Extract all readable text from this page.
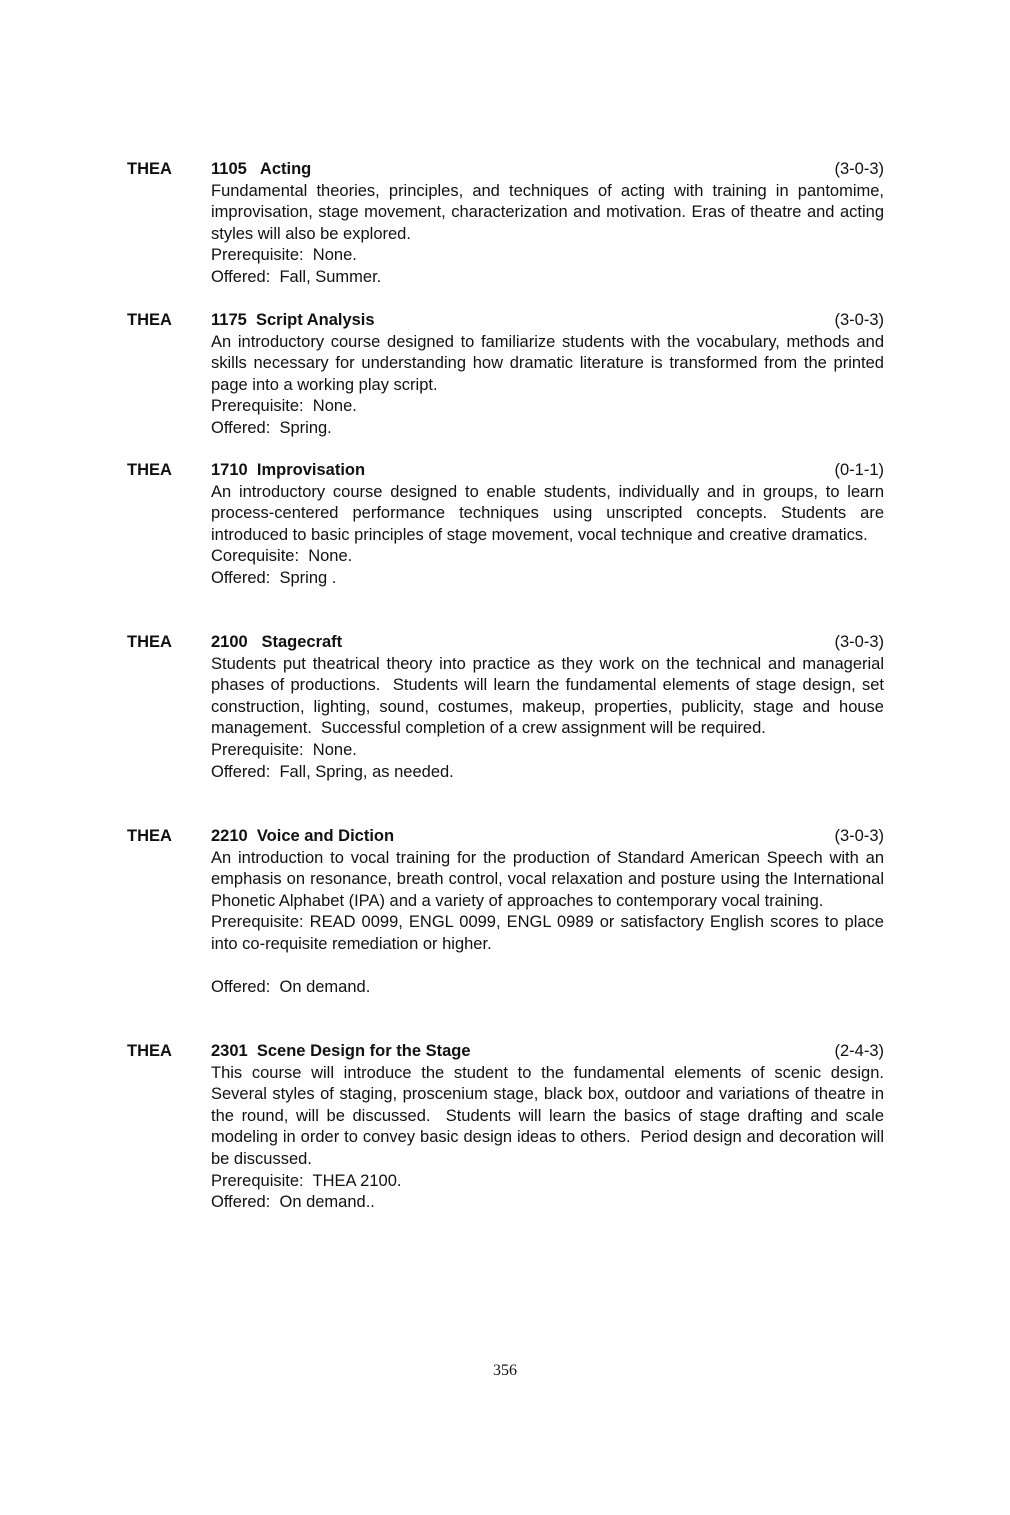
THEA 1105   Acting	(3-0-3)
Fundamental theories, principles, and techniques of acting with training in pantomime, improvisation, stage movement, characterization and motivation. Eras of theatre and acting styles will also be explored.
Prerequisite:  None.
Offered:  Fall, Summer.
THEA 1175  Script Analysis	(3-0-3)
An introductory course designed to familiarize students with the vocabulary, methods and skills necessary for understanding how dramatic literature is transformed from the printed page into a working play script.
Prerequisite:  None.
Offered:  Spring.
THEA 1710  Improvisation	(0-1-1)
An introductory course designed to enable students, individually and in groups, to learn process-centered performance techniques using unscripted concepts. Students are introduced to basic principles of stage movement, vocal technique and creative dramatics.
Corequisite:  None.
Offered:  Spring .
THEA 2100   Stagecraft	(3-0-3)
Students put theatrical theory into practice as they work on the technical and managerial phases of productions.  Students will learn the fundamental elements of stage design, set construction, lighting, sound, costumes, makeup, properties, publicity, stage and house management.  Successful completion of a crew assignment will be required.
Prerequisite:  None.
Offered:  Fall, Spring, as needed.
THEA 2210  Voice and Diction	(3-0-3)
An introduction to vocal training for the production of Standard American Speech with an emphasis on resonance, breath control, vocal relaxation and posture using the International Phonetic Alphabet (IPA) and a variety of approaches to contemporary vocal training.
Prerequisite: READ 0099, ENGL 0099, ENGL 0989 or satisfactory English scores to place into co-requisite remediation or higher.
Offered:  On demand.
THEA 2301  Scene Design for the Stage	(2-4-3)
This course will introduce the student to the fundamental elements of scenic design.  Several styles of staging, proscenium stage, black box, outdoor and variations of theatre in the round, will be discussed.  Students will learn the basics of stage drafting and scale modeling in order to convey basic design ideas to others.  Period design and decoration will be discussed.
Prerequisite:  THEA 2100.
Offered:  On demand..
356
